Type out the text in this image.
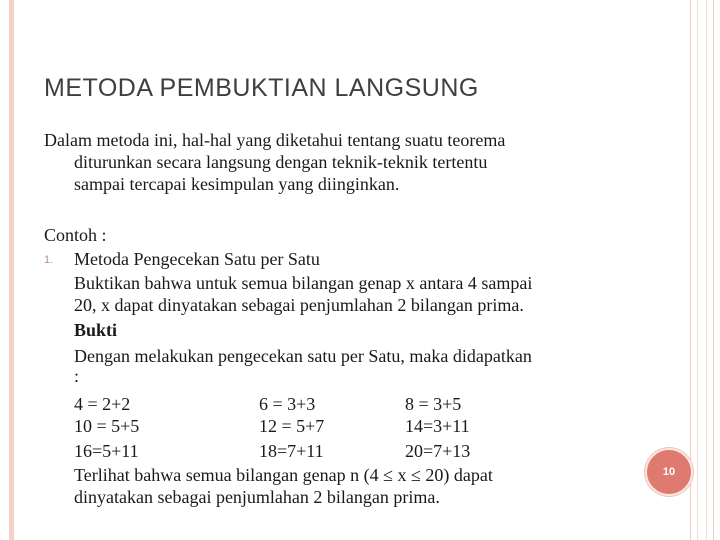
METODA PEMBUKTIAN LANGSUNG
Dalam metoda ini, hal-hal yang diketahui tentang suatu teorema
diturunkan secara langsung dengan teknik-teknik tertentu
sampai tercapai kesimpulan yang diinginkan.
Contoh :
1. Metoda Pengecekan Satu per Satu
Buktikan bahwa untuk semua bilangan genap x antara 4 sampai
20, x dapat dinyatakan sebagai penjumlahan 2 bilangan prima.
Bukti
Dengan melakukan pengecekan satu per Satu, maka didapatkan
:
4 = 2+2	6 = 3+3	8 = 3+5
10 = 5+5	12 = 5+7	14=3+11
16=5+11	18=7+11	20=7+13
Terlihat bahwa semua bilangan genap n (4 ≤ x ≤ 20) dapat
dinyatakan sebagai penjumlahan 2 bilangan prima.
10
